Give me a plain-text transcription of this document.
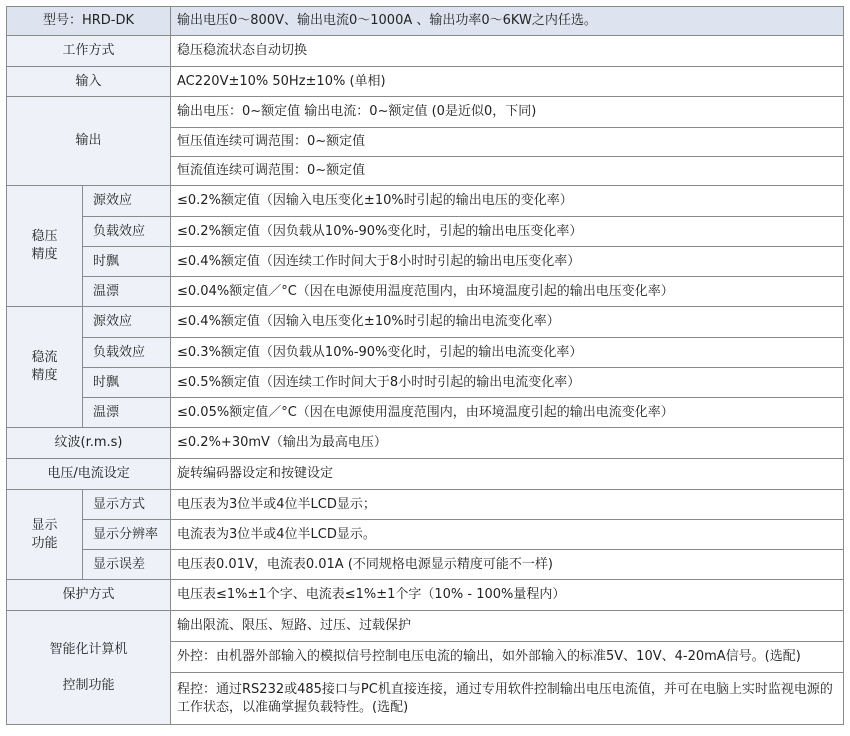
型号：HRD-DK		输出电压0～800V、输出电流0～1000A 、输出功率0～6KW之内任选。
工作方式		稳压稳流状态自动切换
输入		AC220V±10% 50Hz±10% (单相)
输出		输出电压：0~额定值 输出电流：0~额定值 (0是近似0，下同)
		恒压值连续可调范围：0~额定值
		恒流值连续可调范围：0~额定值

稳压
精度	源效应	≤0.2%额定值（因输入电压变化±10%时引起的输出电压的变化率）
	负载效应	≤0.2%额定值（因负载从10%-90%变化时，引起的输出电压变化率）
	时飘	≤0.4%额定值（因连续工作时间大于8小时时引起的输出电压变化率）
	温漂	≤0.04%额定值／°C（因在电源使用温度范围内，由环境温度引起的输出电压变化率）

稳流
精度	源效应	≤0.4%额定值（因输入电压变化±10%时引起的输出电流变化率）
	负载效应	≤0.3%额定值（因负载从10%-90%变化时，引起的输出电流变化率）
	时飘	≤0.5%额定值（因连续工作时间大于8小时时引起的输出电流变化率）
	温漂	≤0.05%额定值／°C（因在电源使用温度范围内，由环境温度引起的输出电流变化率）
纹波(r.m.s)		≤0.2%+30mV（输出为最高电压）
电压/电流设定		旋转编码器设定和按键设定

显示
功能	显示方式	电压表为3位半或4位半LCD显示；
	显示分辨率	电流表为3位半或4位半LCD显示。
	显示误差	电压表0.01V，电流表0.01A (不同规格电源显示精度可能不一样)
保护方式		电压表≤1%±1个字、电流表≤1%±1个字（10% - 100%量程内）

智能化计算机
控制功能		输出限流、限压、短路、过压、过载保护
		外控：由机器外部输入的模拟信号控制电压电流的输出，如外部输入的标准5V、10V、4-20mA信号。(选配)
		程控：通过RS232或485接口与PC机直接连接，通过专用软件控制输出电压电流值，并可在电脑上实时监视电源的工作状态，以准确掌握负载特性。(选配)
